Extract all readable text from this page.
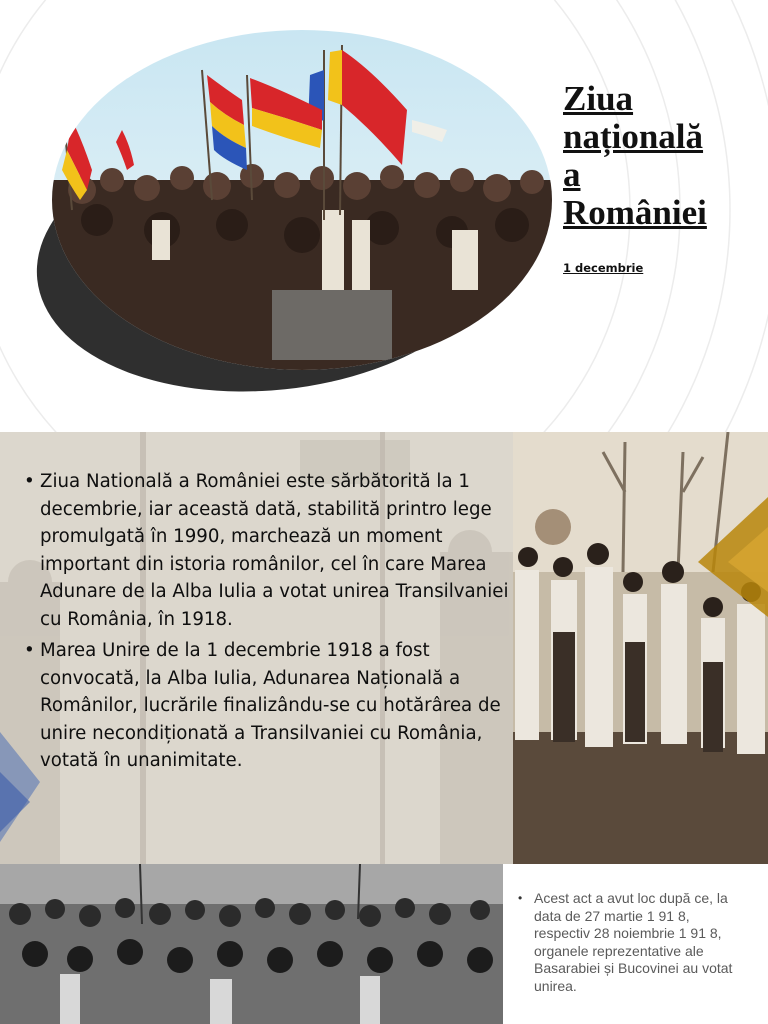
Ziua
națională
a
României
1 decembrie
• Ziua Natională a României este sărbătorită la 1 decembrie, iar această dată, stabilită printro lege promulgată în 1990, marchează un moment important din istoria românilor, cel în care Marea Adunare de la Alba Iulia a votat unirea Transilvaniei cu România, în 1918.
• Marea Unire de la 1 decembrie 1918 a fost convocată, la Alba Iulia, Adunarea Națională a Românilor, lucrările finalizându-se cu hotărârea de unire necondiționată a Transilvaniei cu România, votată în unanimitate.
• Acest act a avut loc după ce, la data de 27 martie 1 91 8, respectiv 28 noiembrie 1 91 8, organele reprezentative ale Basarabiei și Bucovinei au votat unirea.
